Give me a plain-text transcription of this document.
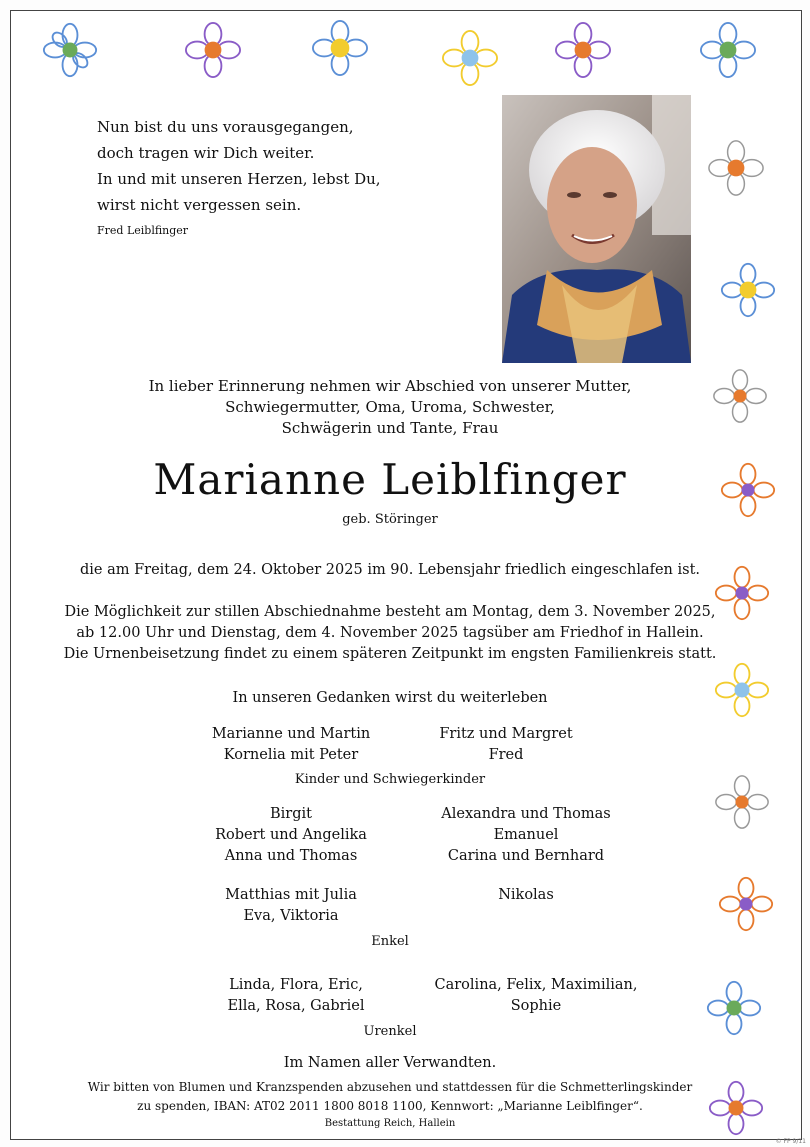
Nun bist du uns vorausgegangen,
doch tragen wir Dich weiter.
In und mit unseren Herzen, lebst Du,
wirst nicht vergessen sein.
Fred Leiblfinger
In lieber Erinnerung nehmen wir Abschied von unserer Mutter,
Schwiegermutter, Oma, Uroma, Schwester,
Schwägerin und Tante, Frau
Marianne Leiblfinger
geb. Störinger
die am Freitag, dem 24. Oktober 2025 im 90. Lebensjahr friedlich eingeschlafen ist.
Die Möglichkeit zur stillen Abschiednahme besteht am Montag, dem 3. November 2025,
ab 12.00 Uhr und Dienstag, dem 4. November 2025 tagsüber am Friedhof in Hallein.
Die Urnenbeisetzung findet zu einem späteren Zeitpunkt im engsten Familienkreis statt.
In unseren Gedanken wirst du weiterleben
Marianne und Martin
Kornelia mit Peter
Fritz und Margret
Fred
Kinder und Schwiegerkinder
Birgit
Robert und Angelika
Anna und Thomas
Alexandra und Thomas
Emanuel
Carina und Bernhard
Matthias mit Julia
Eva, Viktoria
Nikolas
Enkel
Linda, Flora, Eric,
Ella, Rosa, Gabriel
Carolina, Felix, Maximilian,
Sophie
Urenkel
Im Namen aller Verwandten.
Wir bitten von Blumen und Kranzspenden abzusehen und stattdessen für die Schmetterlingskinder
zu spenden, IBAN: AT02 2011 1800 8018 1100, Kennwort: „Marianne Leiblfinger“.
Bestattung Reich, Hallein
© FP 9/11
